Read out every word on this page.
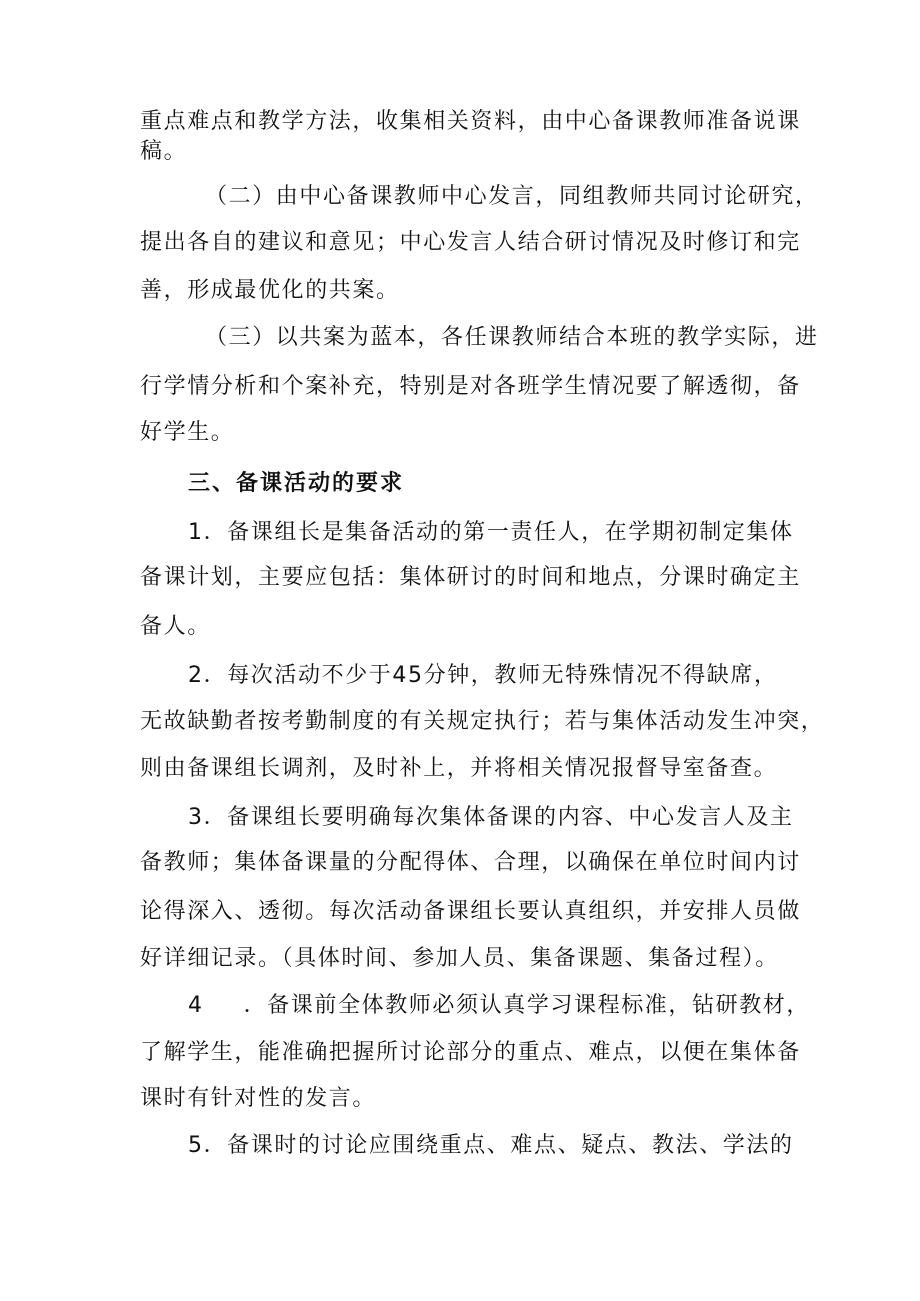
重点难点和教学方法，收集相关资料，由中心备课教师准备说课
稿。
（二）由中心备课教师中心发言，同组教师共同讨论研究，
提出各自的建议和意见；中心发言人结合研讨情况及时修订和完
善，形成最优化的共案。
（三）以共案为蓝本，各任课教师结合本班的教学实际，进
行学情分析和个案补充，特别是对各班学生情况要了解透彻，备
好学生。
三、备课活动的要求
1．备课组长是集备活动的第一责任人，在学期初制定集体
备课计划，主要应包括：集体研讨的时间和地点，分课时确定主
备人。
2．每次活动不少于45分钟，教师无特殊情况不得缺席，
无故缺勤者按考勤制度的有关规定执行；若与集体活动发生冲突，
则由备课组长调剂，及时补上，并将相关情况报督导室备查。
3．备课组长要明确每次集体备课的内容、中心发言人及主
备教师；集体备课量的分配得体、合理，以确保在单位时间内讨
论得深入、透彻。每次活动备课组长要认真组织，并安排人员做
好详细记录。（具体时间、参加人员、集备课题、集备过程）。
4 ．备课前全体教师必须认真学习课程标准，钻研教材，
了解学生，能准确把握所讨论部分的重点、难点，以便在集体备
课时有针对性的发言。
5．备课时的讨论应围绕重点、难点、疑点、教法、学法的
